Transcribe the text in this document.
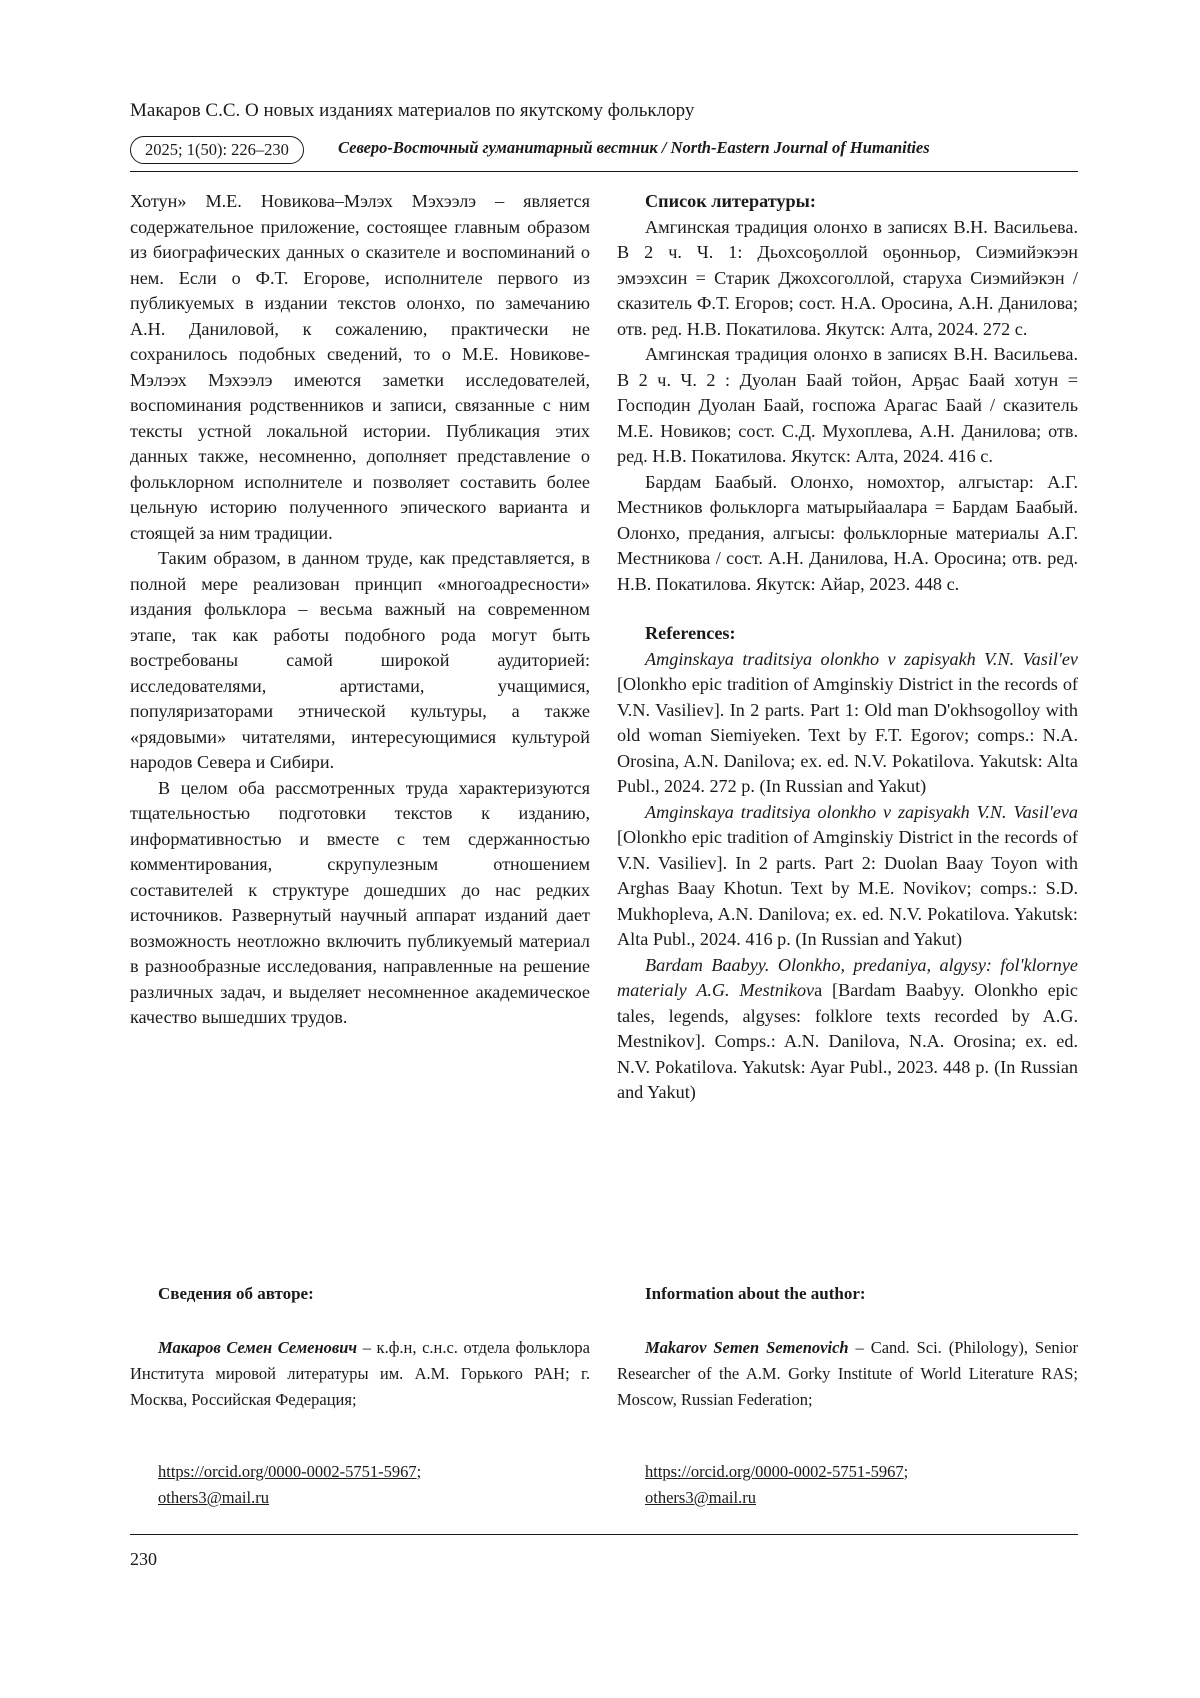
Макаров С.С. О новых изданиях материалов по якутскому фольклору
2025; 1(50): 226–230	Северо-Восточный гуманитарный вестник / North-Eastern Journal of Humanities

Хотун» М.Е. Новикова–Мэлэх Мэхээлэ – является содержательное приложение, состоящее главным образом из биографических данных о сказителе и воспоминаний о нем. Если о Ф.Т. Егорове, исполнителе первого из публикуемых в издании текстов олонхо, по замечанию А.Н. Даниловой, к сожалению, практически не сохранилось подобных сведений, то о М.Е. Новикове-Мэлээх Мэхээлэ имеются заметки исследователей, воспоминания родственников и записи, связанные с ним тексты устной локальной истории. Публикация этих данных также, несомненно, дополняет представление о фольклорном исполнителе и позволяет составить более цельную историю полученного эпического варианта и стоящей за ним традиции.

Таким образом, в данном труде, как представляется, в полной мере реализован принцип «многоадресности» издания фольклора – весьма важный на современном этапе, так как работы подобного рода могут быть востребованы самой широкой аудиторией: исследователями, артистами, учащимися, популяризаторами этнической культуры, а также «рядовыми» читателями, интересующимися культурой народов Севера и Сибири.

В целом оба рассмотренных труда характеризуются тщательностью подготовки текстов к изданию, информативностью и вместе с тем сдержанностью комментирования, скрупулезным отношением составителей к структуре дошедших до нас редких источников. Развернутый научный аппарат изданий дает возможность неотложно включить публикуемый материал в разнообразные исследования, направленные на решение различных задач, и выделяет несомненное академическое качество вышедших трудов.

Список литературы:

Амгинская традиция олонхо в записях В.Н. Васильева. В 2 ч. Ч. 1: Дьохсоҕоллой оҕонньор, Сиэмийэкээн эмээхсин = Старик Джохсоголлой, старуха Сиэмийэкэн / сказитель Ф.Т. Егоров; сост. Н.А. Оросина, А.Н. Данилова; отв. ред. Н.В. Покатилова. Якутск: Алта, 2024. 272 с.

Амгинская традиция олонхо в записях В.Н. Васильева. В 2 ч. Ч. 2 : Дуолан Баай тойон, Арҕас Баай хотун = Господин Дуолан Баай, госпожа Арагас Баай / сказитель М.Е. Новиков; сост. С.Д. Мухоплева, А.Н. Данилова; отв. ред. Н.В. Покатилова. Якутск: Алта, 2024. 416 с.

Бардам Баабый. Олонхо, номохтор, алгыстар: А.Г. Местников фольклорга матырыйаалара = Бардам Баабый. Олонхо, предания, алгысы: фольклорные материалы А.Г. Местникова / сост. А.Н. Данилова, Н.А. Оросина; отв. ред. Н.В. Покатилова. Якутск: Айар, 2023. 448 с.

References:

Amginskaya traditsiya olonkho v zapisyakh V.N. Vasil'ev [Olonkho epic tradition of Amginskiy District in the records of V.N. Vasiliev]. In 2 parts. Part 1: Old man D'okhsogolloy with old woman Siemiyeken. Text by F.T. Egorov; comps.: N.A. Orosina, A.N. Danilova; ex. ed. N.V. Pokatilova. Yakutsk: Alta Publ., 2024. 272 p. (In Russian and Yakut)

Amginskaya traditsiya olonkho v zapisyakh V.N. Vasil'eva [Olonkho epic tradition of Amginskiy District in the records of V.N. Vasiliev]. In 2 parts. Part 2: Duolan Baay Toyon with Arghas Baay Khotun. Text by M.E. Novikov; comps.: S.D. Mukhopleva, A.N. Danilova; ex. ed. N.V. Pokatilova. Yakutsk: Alta Publ., 2024. 416 p. (In Russian and Yakut)

Bardam Baabyy. Olonkho, predaniya, algysy: fol'klornye materialy A.G. Mestnikova [Bardam Baabyy. Olonkho epic tales, legends, algyses: folklore texts recorded by A.G. Mestnikov]. Comps.: A.N. Danilova, N.A. Orosina; ex. ed. N.V. Pokatilova. Yakutsk: Ayar Publ., 2023. 448 p. (In Russian and Yakut)

Сведения об авторе:

Макаров Семен Семенович – к.ф.н, с.н.с. отдела фольклора Института мировой литературы им. А.М. Горького РАН; г. Москва, Российская Федерация;

https://orcid.org/0000-0002-5751-5967;
others3@mail.ru
Information about the author:

Makarov Semen Semenovich – Cand. Sci. (Philology), Senior Researcher of the A.M. Gorky Institute of World Literature RAS; Moscow, Russian Federation;

https://orcid.org/0000-0002-5751-5967;
others3@mail.ru
230
